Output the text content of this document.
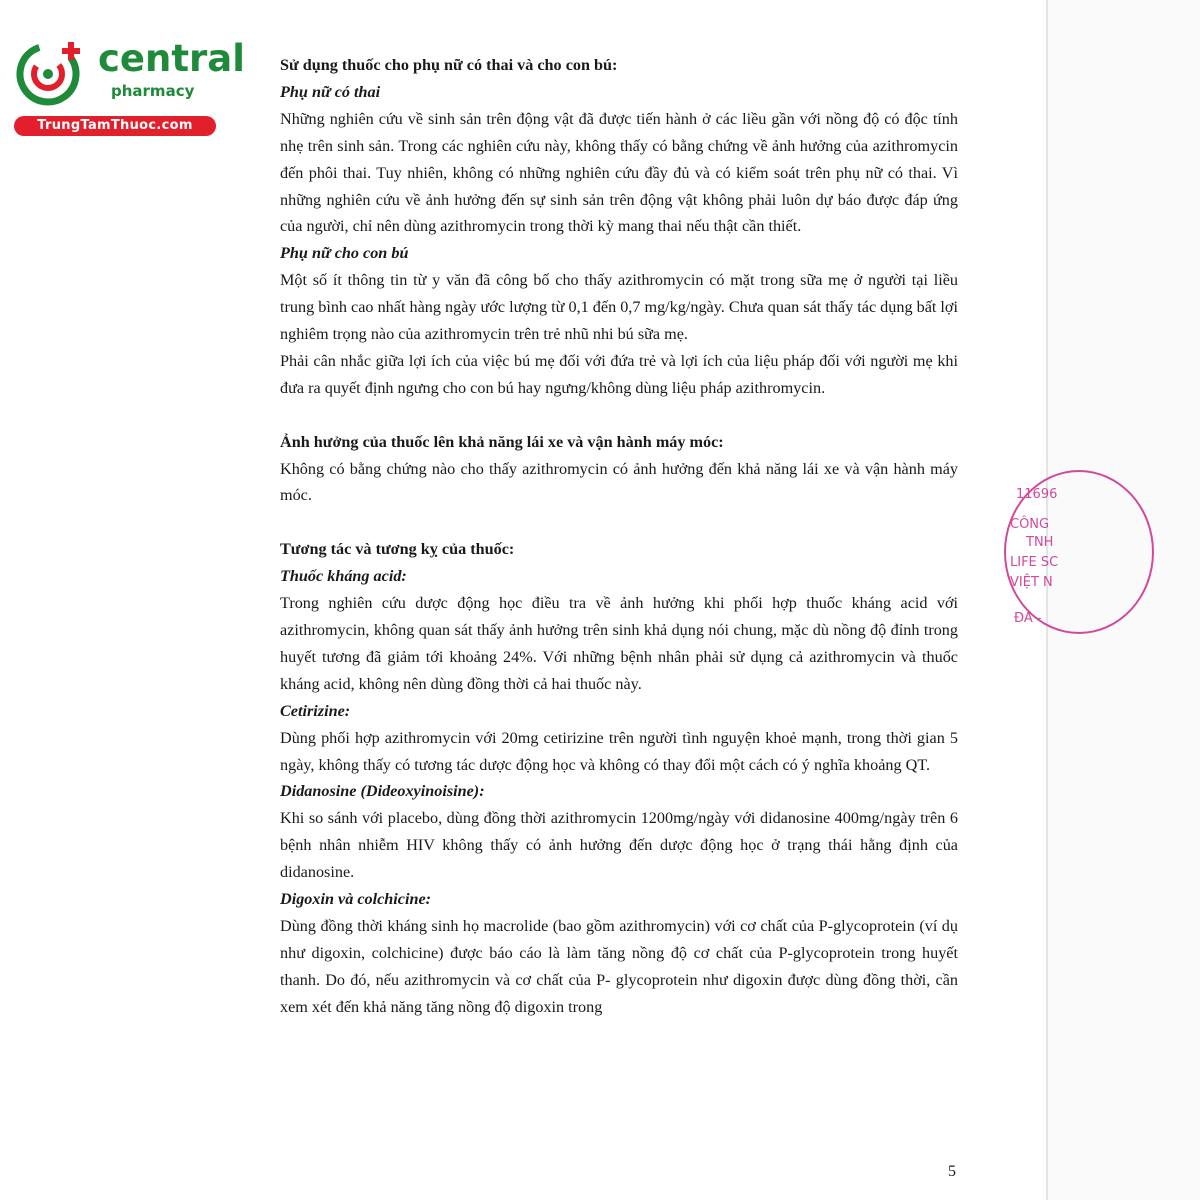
central
pharmacy
TrungTamThuoc.com
11696
CÔNG
TNH
LIFE SC
VIỆT N
ĐA -

Sử dụng thuốc cho phụ nữ có thai và cho con bú:

Phụ nữ có thai

Những nghiên cứu về sinh sản trên động vật đã được tiến hành ở các liều gần với nồng độ có độc tính nhẹ trên sinh sản. Trong các nghiên cứu này, không thấy có bằng chứng về ảnh hưởng của azithromycin đến phôi thai. Tuy nhiên, không có những nghiên cứu đầy đủ và có kiểm soát trên phụ nữ có thai. Vì những nghiên cứu về ảnh hưởng đến sự sinh sản trên động vật không phải luôn dự báo được đáp ứng của người, chỉ nên dùng azithromycin trong thời kỳ mang thai nếu thật cần thiết.

Phụ nữ cho con bú

Một số ít thông tin từ y văn đã công bố cho thấy azithromycin có mặt trong sữa mẹ ở người tại liều trung bình cao nhất hàng ngày ước lượng từ 0,1 đến 0,7 mg/kg/ngày. Chưa quan sát thấy tác dụng bất lợi nghiêm trọng nào của azithromycin trên trẻ nhũ nhi bú sữa mẹ.

Phải cân nhắc giữa lợi ích của việc bú mẹ đối với đứa trẻ và lợi ích của liệu pháp đối với người mẹ khi đưa ra quyết định ngưng cho con bú hay ngưng/không dùng liệu pháp azithromycin.

Ảnh hưởng của thuốc lên khả năng lái xe và vận hành máy móc:

Không có bằng chứng nào cho thấy azithromycin có ảnh hưởng đến khả năng lái xe và vận hành máy móc.

Tương tác và tương kỵ của thuốc:

Thuốc kháng acid:

Trong nghiên cứu dược động học điều tra về ảnh hưởng khi phối hợp thuốc kháng acid với azithromycin, không quan sát thấy ảnh hưởng trên sinh khả dụng nói chung, mặc dù nồng độ đỉnh trong huyết tương đã giảm tới khoảng 24%. Với những bệnh nhân phải sử dụng cả azithromycin và thuốc kháng acid, không nên dùng đồng thời cả hai thuốc này.

Cetirizine:

Dùng phối hợp azithromycin với 20mg cetirizine trên người tình nguyện khoẻ mạnh, trong thời gian 5 ngày, không thấy có tương tác dược động học và không có thay đổi một cách có ý nghĩa khoảng QT.

Didanosine (Dideoxyinoisine):

Khi so sánh với placebo, dùng đồng thời azithromycin 1200mg/ngày với didanosine 400mg/ngày trên 6 bệnh nhân nhiễm HIV không thấy có ảnh hưởng đến dược động học ở trạng thái hằng định của didanosine.

Digoxin và colchicine:

Dùng đồng thời kháng sinh họ macrolide (bao gồm azithromycin) với cơ chất của P-glycoprotein (ví dụ như digoxin, colchicine) được báo cáo là làm tăng nồng độ cơ chất của P-glycoprotein trong huyết thanh. Do đó, nếu azithromycin và cơ chất của P- glycoprotein như digoxin được dùng đồng thời, cần xem xét đến khả năng tăng nồng độ digoxin trong

5
